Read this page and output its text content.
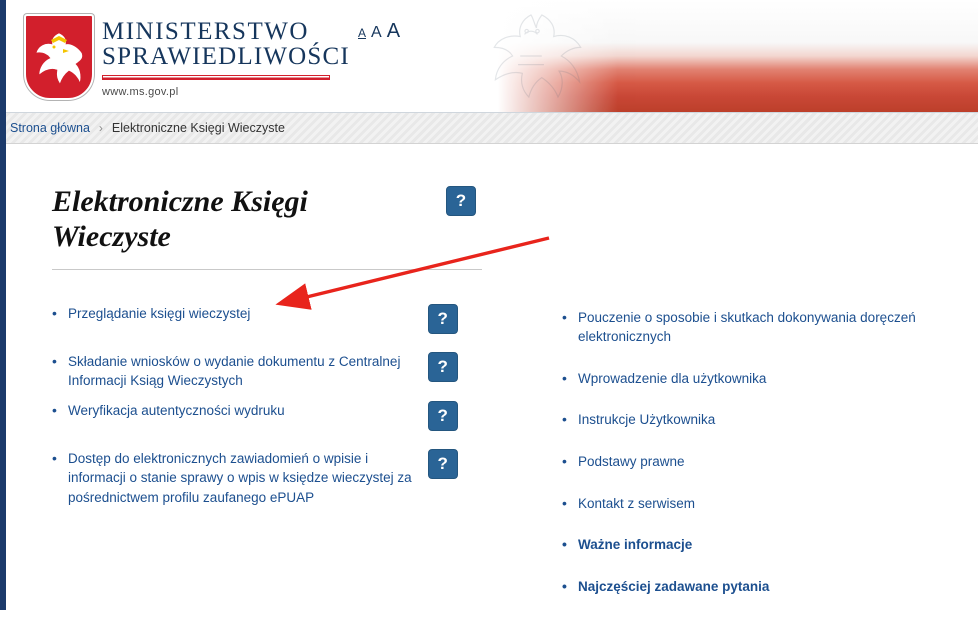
MINISTERSTWO
SPRAWIEDLIWOŚCI
www.ms.gov.pl
A A A
Strona główna › Elektroniczne Księgi Wieczyste
Elektroniczne Księgi Wieczyste
?
• Przeglądanie księgi wieczystej	?
• Składanie wniosków o wydanie dokumentu z Centralnej Informacji Ksiąg Wieczystych
?
• Weryfikacja autentyczności wydruku	?
• Dostęp do elektronicznych zawiadomień o wpisie i informacji o stanie sprawy o wpis w księdze wieczystej za pośrednictwem profilu zaufanego ePUAP
?
• Pouczenie o sposobie i skutkach dokonywania doręczeń elektronicznych
• Wprowadzenie dla użytkownika
• Instrukcje Użytkownika
• Podstawy prawne
• Kontakt z serwisem
• Ważne informacje
• Najczęściej zadawane pytania
